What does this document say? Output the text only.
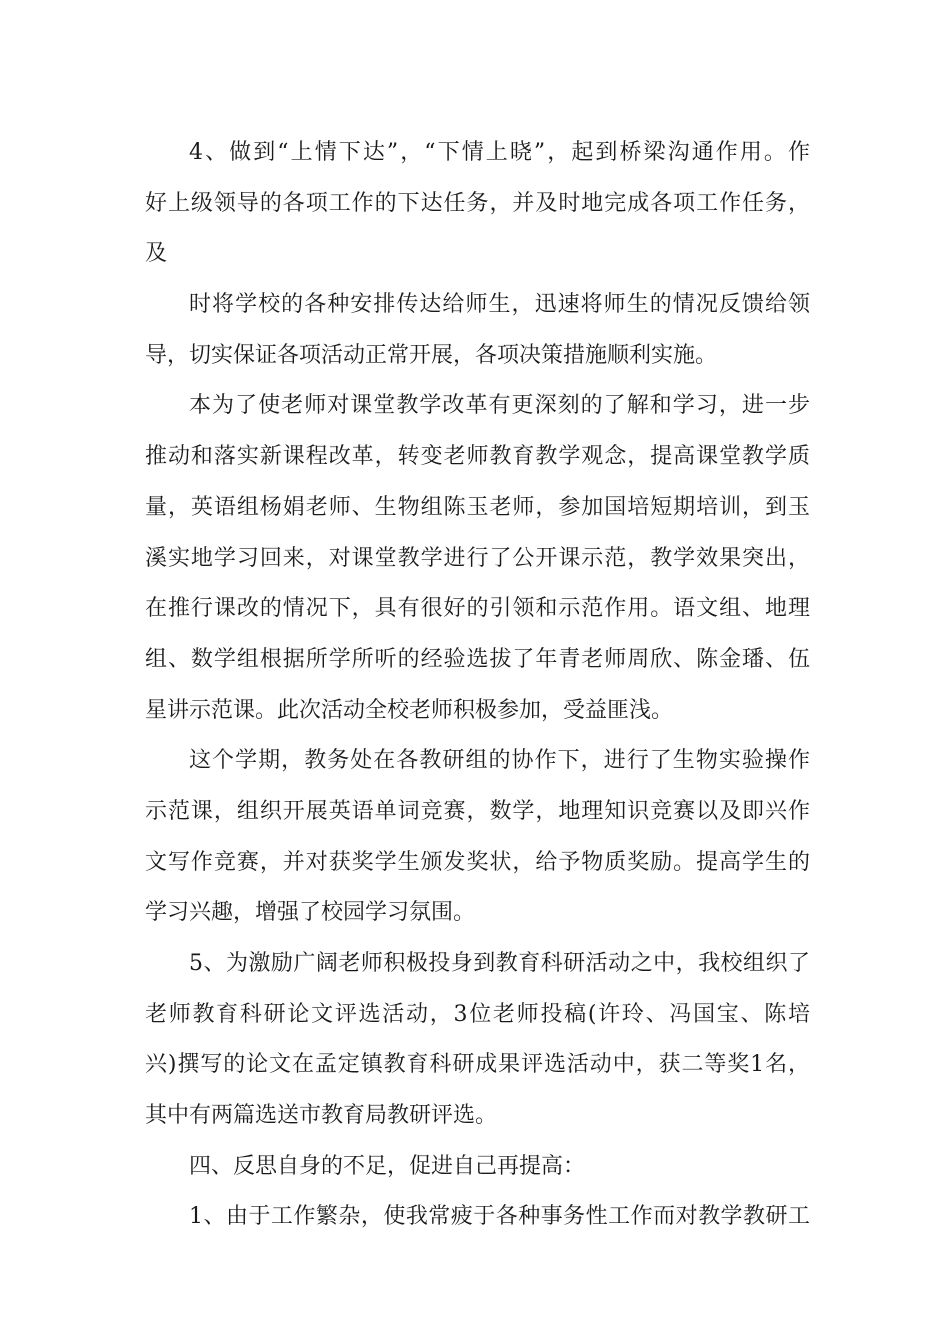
4、做到“上情下达”，“下情上晓”，起到桥梁沟通作用。作
好上级领导的各项工作的下达任务，并及时地完成各项工作任务，
及
时将学校的各种安排传达给师生，迅速将师生的情况反馈给领
导，切实保证各项活动正常开展，各项决策措施顺利实施。
本为了使老师对课堂教学改革有更深刻的了解和学习，进一步
推动和落实新课程改革，转变老师教育教学观念，提高课堂教学质
量，英语组杨娟老师、生物组陈玉老师，参加国培短期培训，到玉
溪实地学习回来，对课堂教学进行了公开课示范，教学效果突出，
在推行课改的情况下，具有很好的引领和示范作用。语文组、地理
组、数学组根据所学所听的经验选拔了年青老师周欣、陈金璠、伍
星讲示范课。此次活动全校老师积极参加，受益匪浅。
这个学期，教务处在各教研组的协作下，进行了生物实验操作
示范课，组织开展英语单词竞赛，数学，地理知识竞赛以及即兴作
文写作竞赛，并对获奖学生颁发奖状，给予物质奖励。提高学生的
学习兴趣，增强了校园学习氛围。
5、为激励广阔老师积极投身到教育科研活动之中，我校组织了
老师教育科研论文评选活动，3位老师投稿(许玲、冯国宝、陈培
兴)撰写的论文在孟定镇教育科研成果评选活动中，获二等奖1名，
其中有两篇选送市教育局教研评选。
四、反思自身的不足，促进自己再提高：
1、由于工作繁杂，使我常疲于各种事务性工作而对教学教研工
